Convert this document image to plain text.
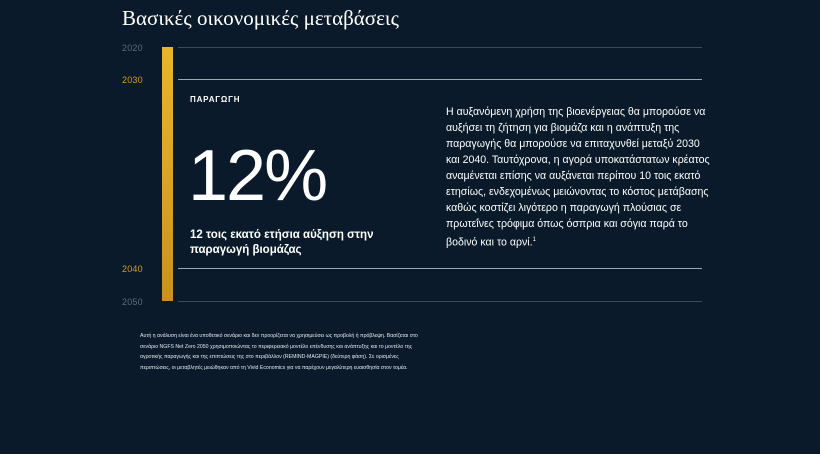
Βασικές οικονομικές μεταβάσεις
2020
2030
2040
2050
ΠΑΡΑΓΩΓΗ
12%
12 τοις εκατό ετήσια αύξηση στην παραγωγή βιομάζας
Η αυξανόμενη χρήση της βιοενέργειας θα μπορούσε να αυξήσει τη ζήτηση για βιομάζα και η ανάπτυξη της παραγωγής θα μπορούσε να επιταχυνθεί μεταξύ 2030 και 2040. Ταυτόχρονα, η αγορά υποκατάστατων κρέατος αναμένεται επίσης να αυξάνεται περίπου 10 τοις εκατό ετησίως, ενδεχομένως μειώνοντας το κόστος μετάβασης καθώς κοστίζει λιγότερο η παραγωγή πλούσιας σε πρωτεΐνες τρόφιμα όπως όσπρια και σόγια παρά το βοδινό και το αρνί.$^1$
Αυτή η ανάλυση είναι ένα υποθετικό σενάριο και δεν προορίζεται να χρησιμεύσει ως προβολή ή πρόβλεψη. Βασίζεται στο σενάριο NGFS Net Zero 2050 χρησιμοποιώντας το περιφερειακό μοντέλο επένδυσης και ανάπτυξης και το μοντέλο της αγροτικής παραγωγής και της επιπτώσεις της στο περιβάλλον (REMIND-MAGPIE) (δεύτερη φάση). Σε ορισμένες περιπτώσεις, οι μεταβλητές μειώθηκαν από τη Vivid Economics για να παρέχουν μεγαλύτερη ευαισθησία στον τομέα.
